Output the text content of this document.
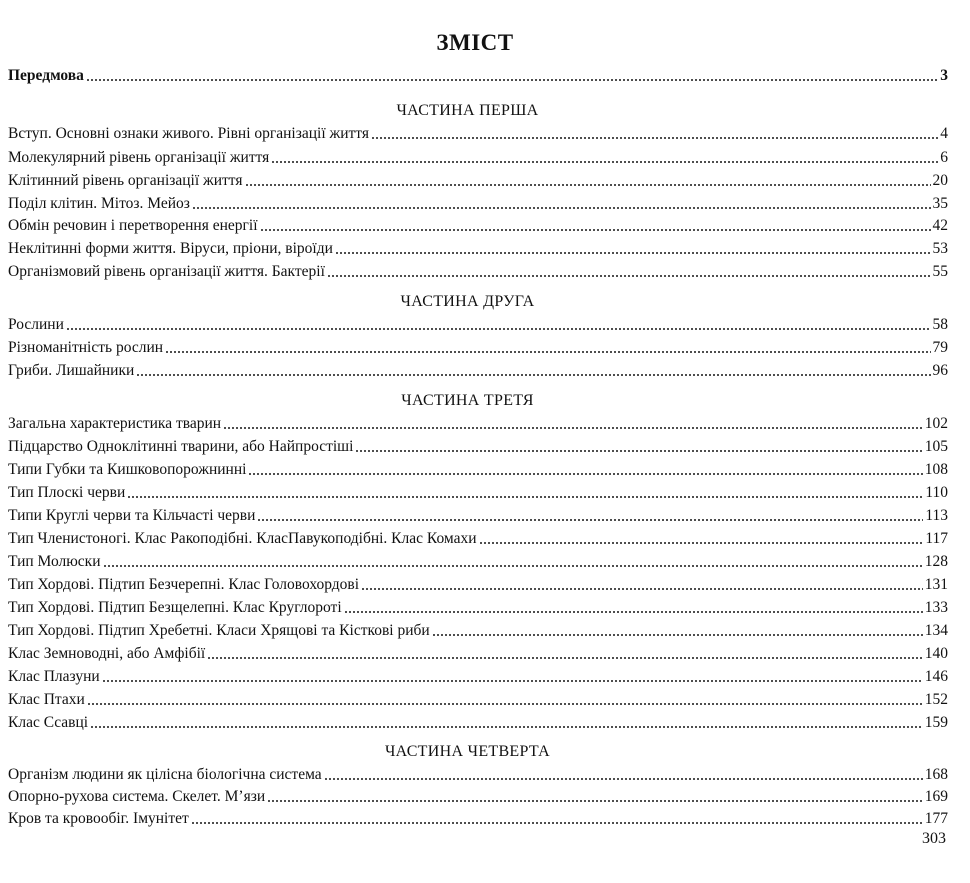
ЗМІСТ
Передмова	3
ЧАСТИНА ПЕРША
Вступ. Основні ознаки живого. Рівні організації життя	4
Молекулярний рівень організації життя	6
Клітинний рівень організації життя	20
Поділ клітин. Мітоз. Мейоз	35
Обмін речовин і перетворення енергії	42
Неклітинні форми життя. Віруси, пріони, віроїди	53
Організмовий рівень організації життя. Бактерії	55
ЧАСТИНА ДРУГА
Рослини	58
Різноманітність рослин	79
Гриби. Лишайники	96
ЧАСТИНА ТРЕТЯ
Загальна характеристика тварин	102
Підцарство Одноклітинні тварини, або Найпростіші	105
Типи Губки та Кишковопорожнинні	108
Тип Плоскі черви	110
Типи Круглі черви та Кільчасті черви	113
Тип Членистоногі. Клас Ракоподібні. КласПавукоподібні. Клас Комахи	117
Тип Молюски	128
Тип Хордові. Підтип Безчерепні. Клас Головохордові	131
Тип Хордові. Підтип Безщелепні. Клас Круглороті	133
Тип Хордові. Підтип Хребетні. Класи Хрящові та Кісткові риби	134
Клас Земноводні, або Амфібії	140
Клас Плазуни	146
Клас Птахи	152
Клас Ссавці	159
ЧАСТИНА ЧЕТВЕРТА
Організм людини як цілісна біологічна система	168
Опорно-рухова система. Скелет. М’язи	169
Кров та кровообіг. Імунітет	177
303
